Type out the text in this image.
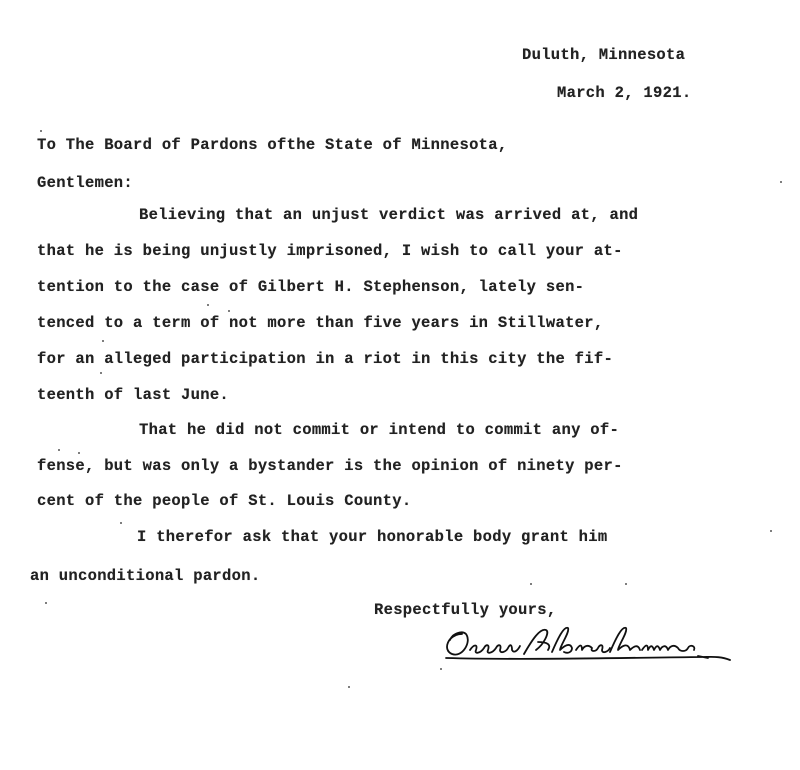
Duluth, Minnesota
March 2, 1921.
To The Board of Pardons ofthe State of Minnesota,
Gentlemen:
Believing that an unjust verdict was arrived at, and
that he is being unjustly imprisoned, I wish to call your at-
tention to the case of Gilbert H. Stephenson, lately sen-
tenced to a term of not more than five years in Stillwater,
for an alleged participation in a riot in this city the fif-
teenth of last June.
That he did not commit or intend to commit any of-
fense, but was only a bystander is the opinion of ninety per-
cent of the people of St. Louis County.
I therefor ask that your honorable body grant him
an unconditional pardon.
Respectfully yours,
